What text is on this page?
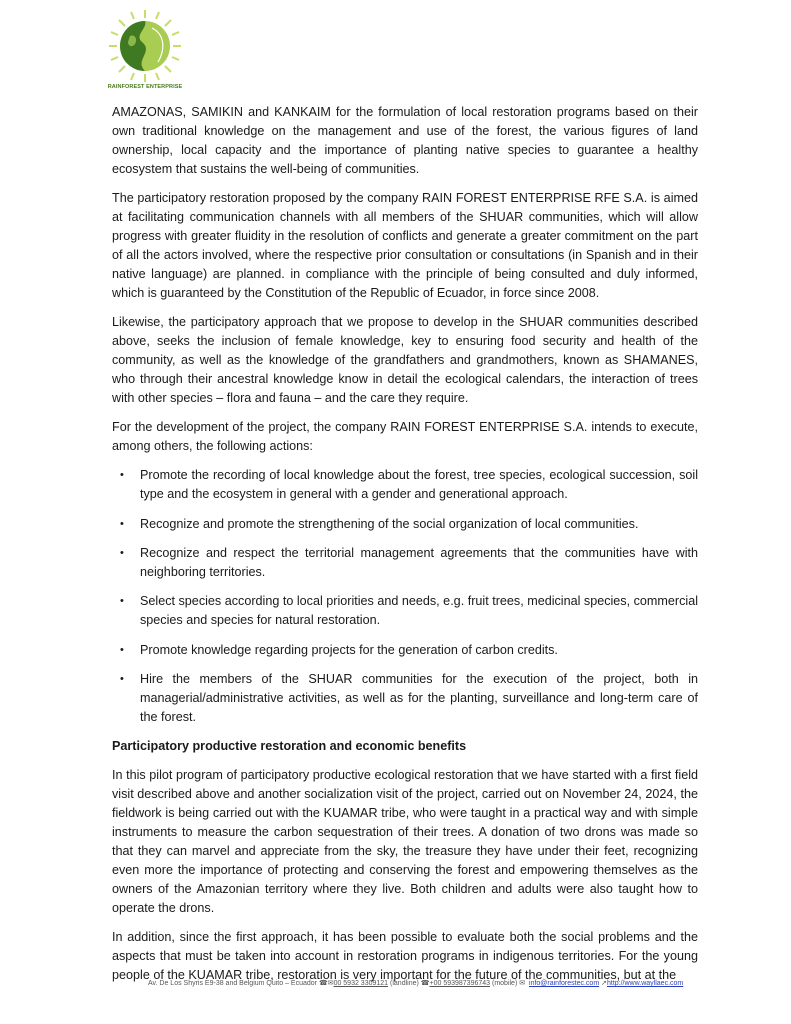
RAINFOREST ENTERPRISE

AMAZONAS, SAMIKIN and KANKAIM for the formulation of local restoration programs based on their own traditional knowledge on the management and use of the forest, the various figures of land ownership, local capacity and the importance of planting native species to guarantee a healthy ecosystem that sustains the well-being of communities.

The participatory restoration proposed by the company RAIN FOREST ENTERPRISE RFE S.A. is aimed at facilitating communication channels with all members of the SHUAR communities, which will allow progress with greater fluidity in the resolution of conflicts and generate a greater commitment on the part of all the actors involved, where the respective prior consultation or consultations (in Spanish and in their native language) are planned. in compliance with the principle of being consulted and duly informed, which is guaranteed by the Constitution of the Republic of Ecuador, in force since 2008.

Likewise, the participatory approach that we propose to develop in the SHUAR communities described above, seeks the inclusion of female knowledge, key to ensuring food security and health of the community, as well as the knowledge of the grandfathers and grandmothers, known as SHAMANES, who through their ancestral knowledge know in detail the ecological calendars, the interaction of trees with other species – flora and fauna – and the care they require.

For the development of the project, the company RAIN FOREST ENTERPRISE S.A. intends to execute, among others, the following actions:

• Promote the recording of local knowledge about the forest, tree species, ecological succession, soil type and the ecosystem in general with a gender and generational approach.
• Recognize and promote the strengthening of the social organization of local communities.
• Recognize and respect the territorial management agreements that the communities have with neighboring territories.
• Select species according to local priorities and needs, e.g. fruit trees, medicinal species, commercial species and species for natural restoration.
• Promote knowledge regarding projects for the generation of carbon credits.
• Hire the members of the SHUAR communities for the execution of the project, both in managerial/administrative activities, as well as for the planting, surveillance and long-term care of the forest.
Participatory productive restoration and economic benefits

In this pilot program of participatory productive ecological restoration that we have started with a first field visit described above and another socialization visit of the project, carried out on November 24, 2024, the fieldwork is being carried out with the KUAMAR tribe, who were taught in a practical way and with simple instruments to measure the carbon sequestration of their trees. A donation of two drons was made so that they can marvel and appreciate from the sky, the treasure they have under their feet, recognizing even more the importance of protecting and conserving the forest and empowering themselves as the owners of the Amazonian territory where they live. Both children and adults were also taught how to operate the drons.

In addition, since the first approach, it has been possible to evaluate both the social problems and the aspects that must be taken into account in restoration programs in indigenous territories. For the young people of the KUAMAR tribe, restoration is very important for the future of the communities, but at the

Av. De Los Shyris E9-38 and Belgium Quito – Ecuador ☎✉00 5932 3309121 (landline) ☎+00 593987396743 (mobile) ✉ info@rainforestec.com ➚http://www.wayllaec.com
